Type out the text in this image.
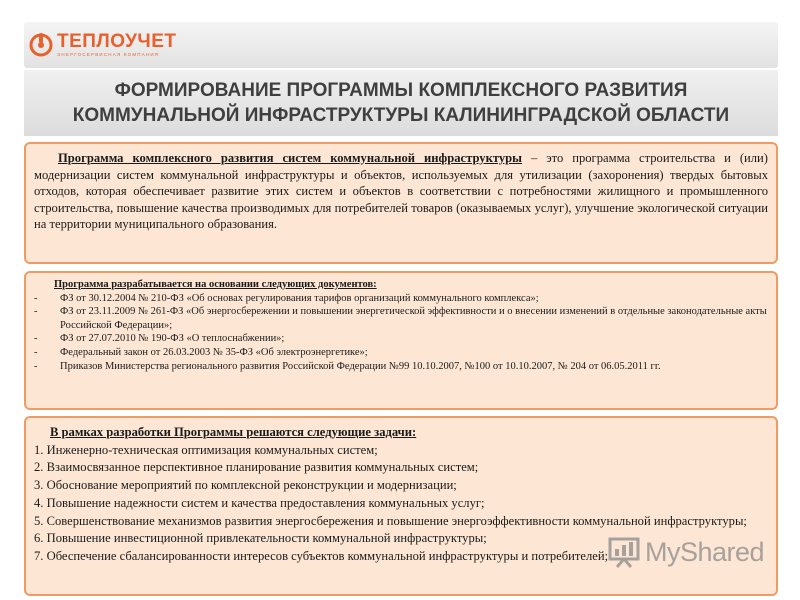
ТЕПЛОУЧЕТ
ЭНЕРГОСЕРВИСНАЯ КОМПАНИЯ
ФОРМИРОВАНИЕ ПРОГРАММЫ КОМПЛЕКСНОГО РАЗВИТИЯ
КОММУНАЛЬНОЙ ИНФРАСТРУКТУРЫ КАЛИНИНГРАДСКОЙ ОБЛАСТИ

Программа комплексного развития систем коммунальной инфраструктуры – это программа строительства и (или) модернизации систем коммунальной инфраструктуры и объектов, используемых для утилизации (захоронения) твердых бытовых отходов, которая обеспечивает развитие этих систем и объектов в соответствии с потребностями жилищного и промышленного строительства, повышение качества производимых для потребителей товаров (оказываемых услуг), улучшение экологической ситуации на территории муниципального образования.

Программа разрабатывается на основании следующих документов:
-	ФЗ от 30.12.2004 № 210-ФЗ «Об основах регулирования тарифов организаций коммунального комплекса»;
-	ФЗ от 23.11.2009 № 261-ФЗ «Об энергосбережении и повышении энергетической эффективности и о внесении изменений в отдельные законодательные акты Российской Федерации»;
-	ФЗ от 27.07.2010 № 190-ФЗ «О теплоснабжении»;
-	Федеральный закон от 26.03.2003 № 35-ФЗ «Об электроэнергетике»;
-	Приказов Министерства регионального развития Российской Федерации №99 10.10.2007, №100 от 10.10.2007, № 204 от 06.05.2011 гг.
В рамках разработки Программы решаются следующие задачи:
1. Инженерно-техническая оптимизация коммунальных систем;
2. Взаимосвязанное перспективное планирование развития коммунальных систем;
3. Обоснование мероприятий по комплексной реконструкции и модернизации;
4. Повышение надежности систем и качества предоставления коммунальных услуг;
5. Совершенствование механизмов развития энергосбережения и повышение энергоэффективности коммунальной инфраструктуры;
6. Повышение инвестиционной привлекательности коммунальной инфраструктуры;
7. Обеспечение сбалансированности интересов субъектов коммунальной инфраструктуры и потребителей;	MyShared
